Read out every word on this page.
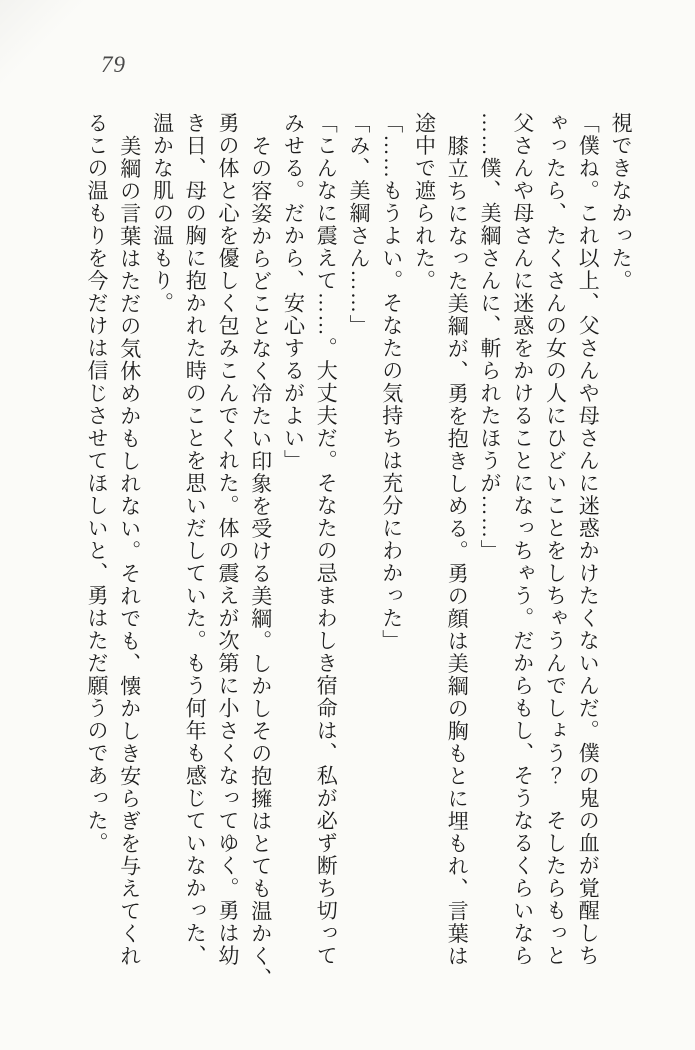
79

視できなかった。

「僕ね。これ以上、父さんや母さんに迷惑かけたくないんだ。僕の鬼の血が覚醒しち

ゃったら、たくさんの女の人にひどいことをしちゃうんでしょう？　そしたらもっと

父さんや母さんに迷惑をかけることになっちゃう。だからもし、そうなるくらいなら

……僕、美綱さんに、斬られたほうが……」

膝立ちになった美綱が、勇を抱きしめる。勇の顔は美綱の胸もとに埋もれ、言葉は

途中で遮られた。

「……もうよい。そなたの気持ちは充分にわかった」

「み、美綱さん……」

「こんなに震えて……。大丈夫だ。そなたの忌まわしき宿命は、私が必ず断ち切って

みせる。だから、安心するがよい」

その容姿からどことなく冷たい印象を受ける美綱。しかしその抱擁はとても温かく、

勇の体と心を優しく包みこんでくれた。体の震えが次第に小さくなってゆく。勇は幼

き日、母の胸に抱かれた時のことを思いだしていた。もう何年も感じていなかった、

温かな肌の温もり。

美綱の言葉はただの気休めかもしれない。それでも、懐かしき安らぎを与えてくれ

るこの温もりを今だけは信じさせてほしいと、勇はただ願うのであった。
